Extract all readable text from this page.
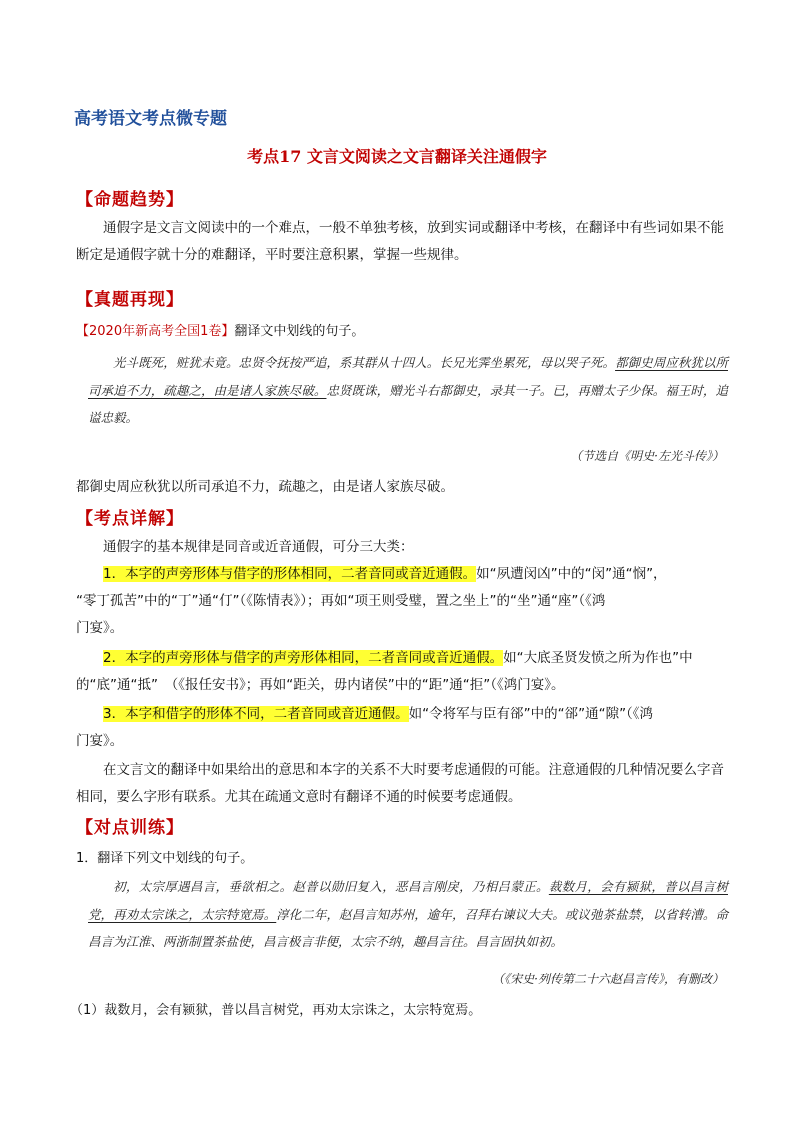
高考语文考点微专题
考点17 文言文阅读之文言翻译关注通假字
【命题趋势】

通假字是文言文阅读中的一个难点，一般不单独考核，放到实词或翻译中考核，在翻译中有些词如果不能断定是通假字就十分的难翻译，平时要注意积累，掌握一些规律。

【真题再现】
【2020年新高考全国1卷】翻译文中划线的句子。

光斗既死，赃犹未竟。忠贤令抚按严追，系其群从十四人。长兄光霁坐累死，母以哭子死。都御史周应秋犹以所司承追不力，疏趣之，由是诸人家族尽破。忠贤既诛，赠光斗右都御史，录其一子。已，再赠太子少保。福王时，追谥忠毅。

（节选自《明史·左光斗传》）
都御史周应秋犹以所司承追不力，疏趣之，由是诸人家族尽破。
【考点详解】
通假字的基本规律是同音或近音通假，可分三大类：
1．本字的声旁形体与借字的形体相同，二者音同或音近通假。如“夙遭闵凶”中的“闵”通“悯”，
“零丁孤苦”中的“丁”通“仃”（《陈情表》）；再如“项王则受璧，置之坐上”的“坐”通“座”（《鸿
门宴》。
2．本字的声旁形体与借字的声旁形体相同，二者音同或音近通假。如“大底圣贤发愤之所为作也”中
的“底”通“抵”　（《报任安书》；再如“距关，毋内诸侯”中的“距”通“拒”（《鸿门宴》。
3．本字和借字的形体不同，二者音同或音近通假。如“令将军与臣有郤”中的“郤”通“隙”（《鸿
门宴》。

在文言文的翻译中如果给出的意思和本字的关系不大时要考虑通假的可能。注意通假的几种情况要么字音相同，要么字形有联系。尤其在疏通文意时有翻译不通的时候要考虑通假。

【对点训练】
1．翻译下列文中划线的句子。

初，太宗厚遇昌言，垂欲相之。赵普以勋旧复入，恶昌言刚戾，乃相吕蒙正。裁数月，会有颍狱，普以昌言树党，再劝太宗诛之，太宗特宽焉。淳化二年，赵昌言知苏州，逾年，召拜右谏议大夫。或议弛茶盐禁，以省转漕。命昌言为江淮、两浙制置茶盐使，昌言极言非便，太宗不纳，趣昌言往。昌言固执如初。

（《宋史·列传第二十六赵昌言传》，有删改）
（1）裁数月，会有颍狱，普以昌言树党，再劝太宗诛之，太宗特宽焉。
